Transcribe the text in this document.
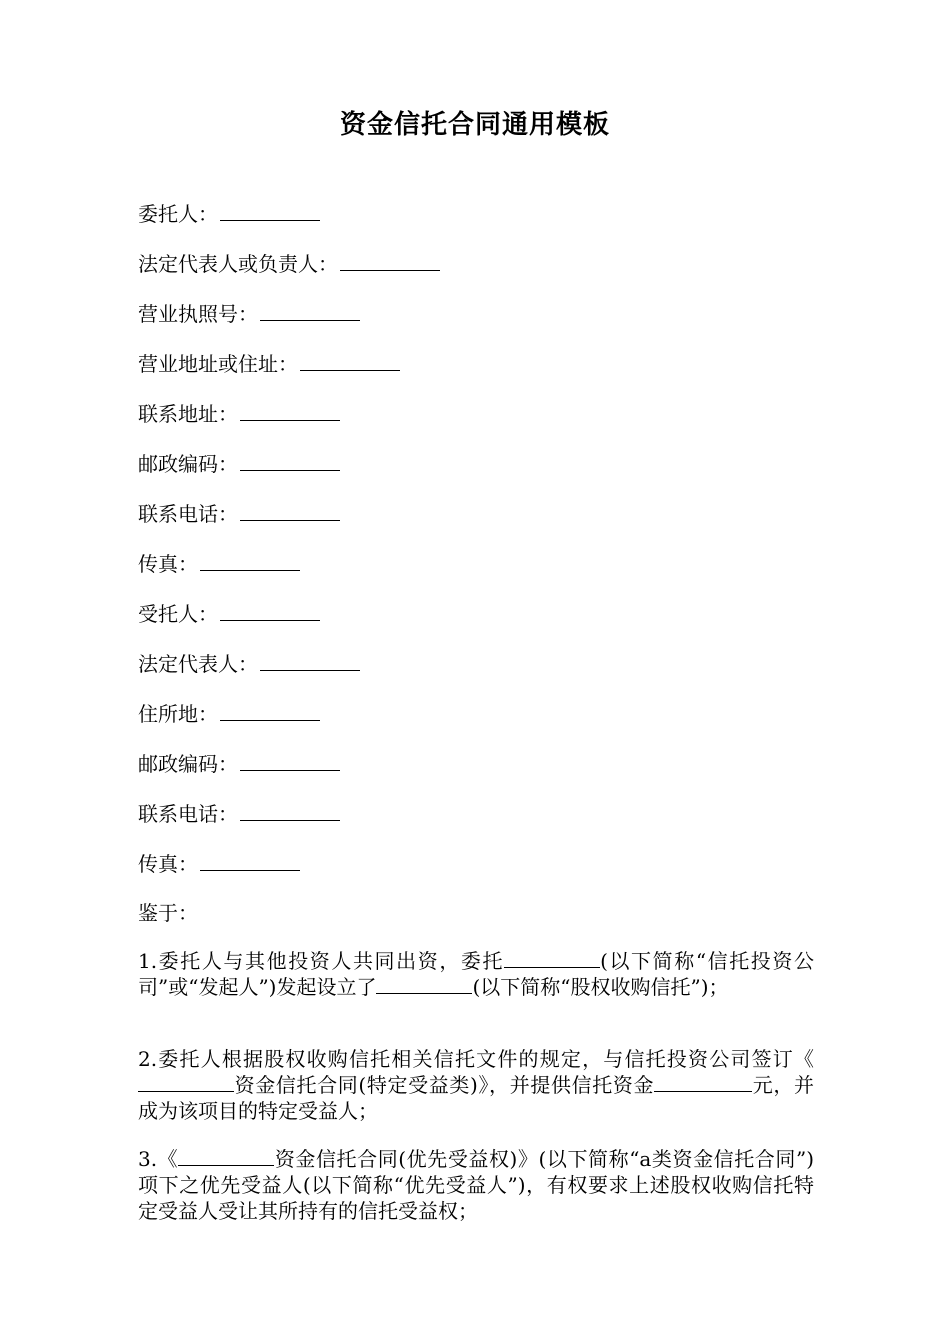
资金信托合同通用模板
委托人：
法定代表人或负责人：
营业执照号：
营业地址或住址：
联系地址：
邮政编码：
联系电话：
传真：
受托人：
法定代表人：
住所地：
邮政编码：
联系电话：
传真：
鉴于：

1.委托人与其他投资人共同出资，委托	(以下简称“信托投资公司”或“发起人”)发起设立了	(以下简称“股权收购信托”)；

2.委托人根据股权收购信托相关信托文件的规定，与信托投资公司签订《资金信托合同(特定受益类)》，并提供信托资金	元，并成为该项目的特定受益人；

3.《	资金信托合同(优先受益权)》(以下简称“a类资金信托合同”)项下之优先受益人(以下简称“优先受益人”)，有权要求上述股权收购信托特定受益人受让其所持有的信托受益权；
